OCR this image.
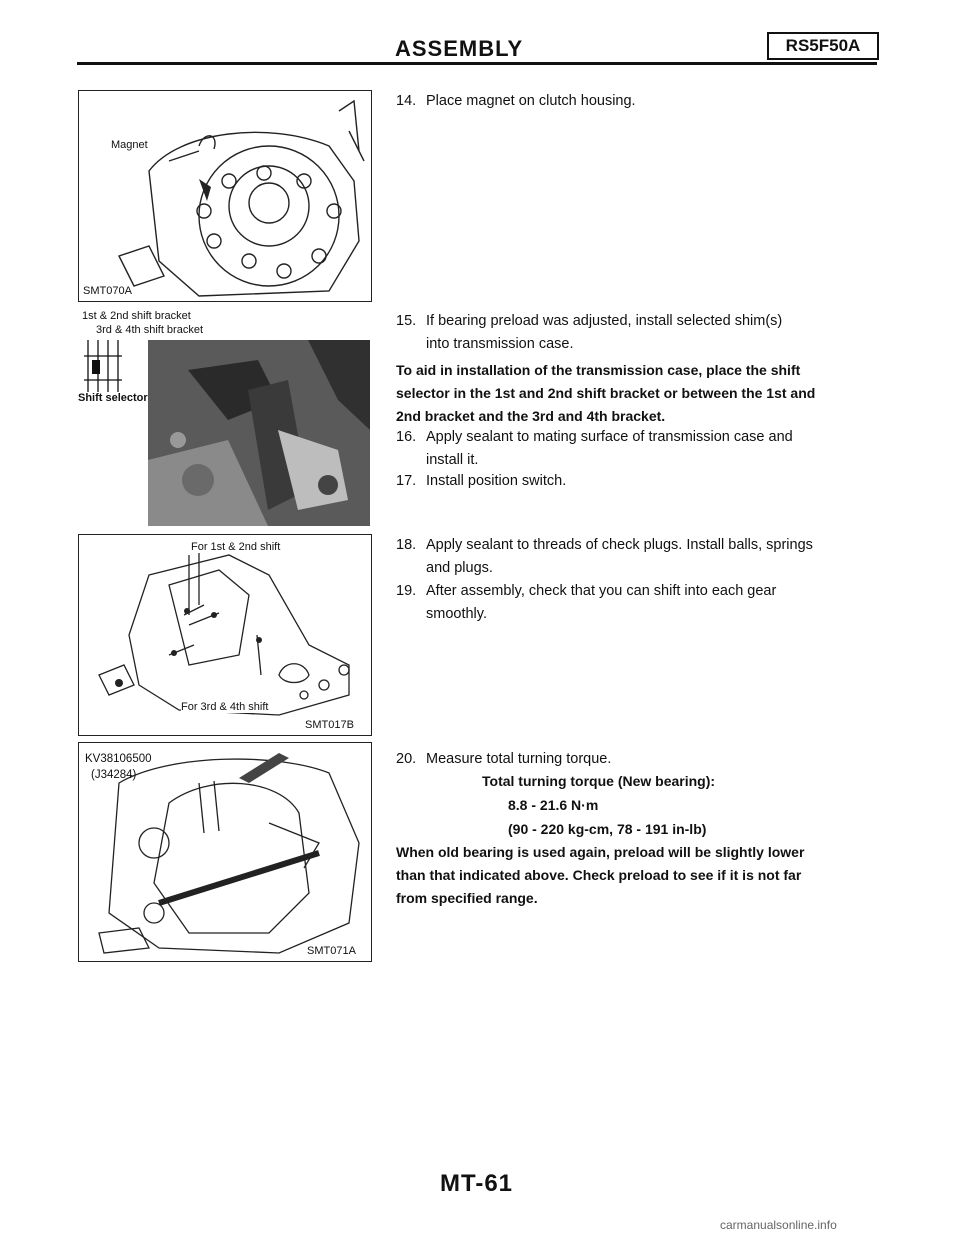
ASSEMBLY	RS5F50A
Magnet
SMT070A
1st & 2nd shift bracket
3rd & 4th shift bracket
Shift selector
For 1st & 2nd shift
For 3rd & 4th shift
SMT017B
KV38106500
(J34284)
SMT071A
14. Place magnet on clutch housing.
15. If bearing preload was adjusted, install selected shim(s)
into transmission case.
To aid in installation of the transmission case, place the shift
selector in the 1st and 2nd shift bracket or between the 1st and
2nd bracket and the 3rd and 4th bracket.
16. Apply sealant to mating surface of transmission case and
install it.
17. Install position switch.
18. Apply sealant to threads of check plugs. Install balls, springs
and plugs.
19. After assembly, check that you can shift into each gear
smoothly.
20. Measure total turning torque.
Total turning torque (New bearing):
8.8 - 21.6 N·m
(90 - 220 kg-cm, 78 - 191 in-lb)
When old bearing is used again, preload will be slightly lower
than that indicated above. Check preload to see if it is not far
from specified range.
MT-61
carmanualsonline.info
